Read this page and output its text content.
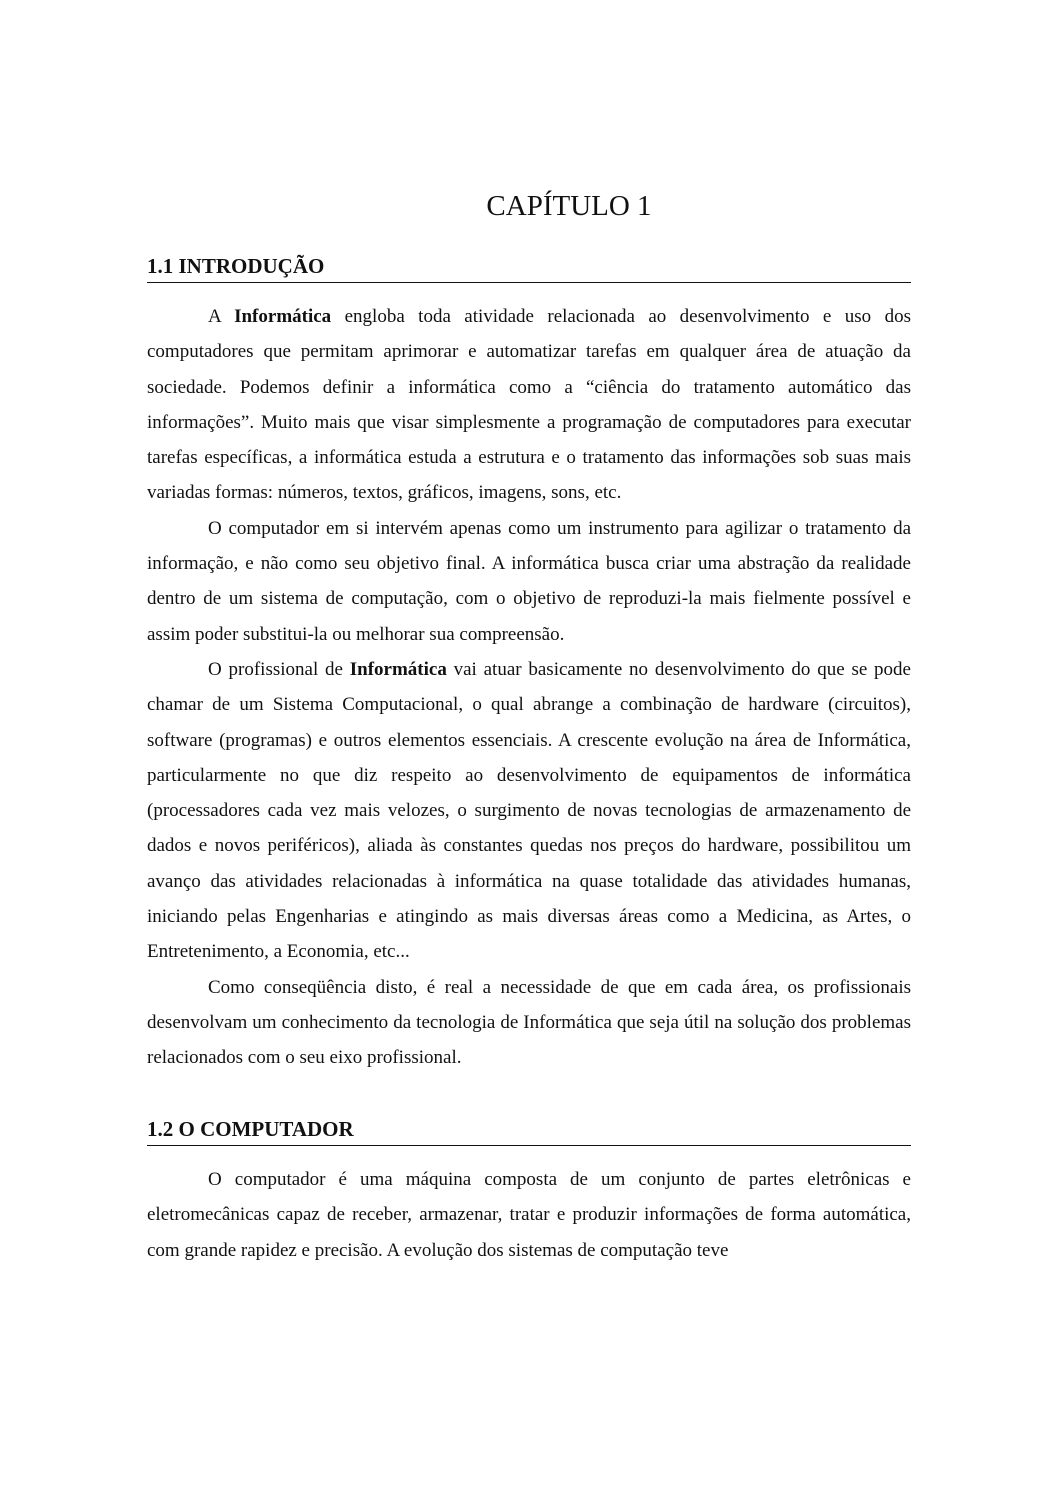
CAPÍTULO 1
1.1 INTRODUÇÃO

A Informática engloba toda atividade relacionada ao desenvolvimento e uso dos computadores que permitam aprimorar e automatizar tarefas em qualquer área de atuação da sociedade. Podemos definir a informática como a “ciência do tratamento automático das informações”. Muito mais que visar simplesmente a programação de computadores para executar tarefas específicas, a informática estuda a estrutura e o tratamento das informações sob suas mais variadas formas: números, textos, gráficos, imagens, sons, etc.

O computador em si intervém apenas como um instrumento para agilizar o tratamento da informação, e não como seu objetivo final. A informática busca criar uma abstração da realidade dentro de um sistema de computação, com o objetivo de reproduzi-la mais fielmente possível e assim poder substitui-la ou melhorar sua compreensão.

O profissional de Informática vai atuar basicamente no desenvolvimento do que se pode chamar de um Sistema Computacional, o qual abrange a combinação de hardware (circuitos), software (programas) e outros elementos essenciais. A crescente evolução na área de Informática, particularmente no que diz respeito ao desenvolvimento de equipamentos de informática (processadores cada vez mais velozes, o surgimento de novas tecnologias de armazenamento de dados e novos periféricos), aliada às constantes quedas nos preços do hardware, possibilitou um avanço das atividades relacionadas à informática na quase totalidade das atividades humanas, iniciando pelas Engenharias e atingindo as mais diversas áreas como a Medicina, as Artes, o Entretenimento, a Economia, etc...

Como conseqüência disto, é real a necessidade de que em cada área, os profissionais desenvolvam um conhecimento da tecnologia de Informática que seja útil na solução dos problemas relacionados com o seu eixo profissional.

1.2 O COMPUTADOR

O computador é uma máquina composta de um conjunto de partes eletrônicas e eletromecânicas capaz de receber, armazenar, tratar e produzir informações de forma automática, com grande rapidez e precisão. A evolução dos sistemas de computação teve
